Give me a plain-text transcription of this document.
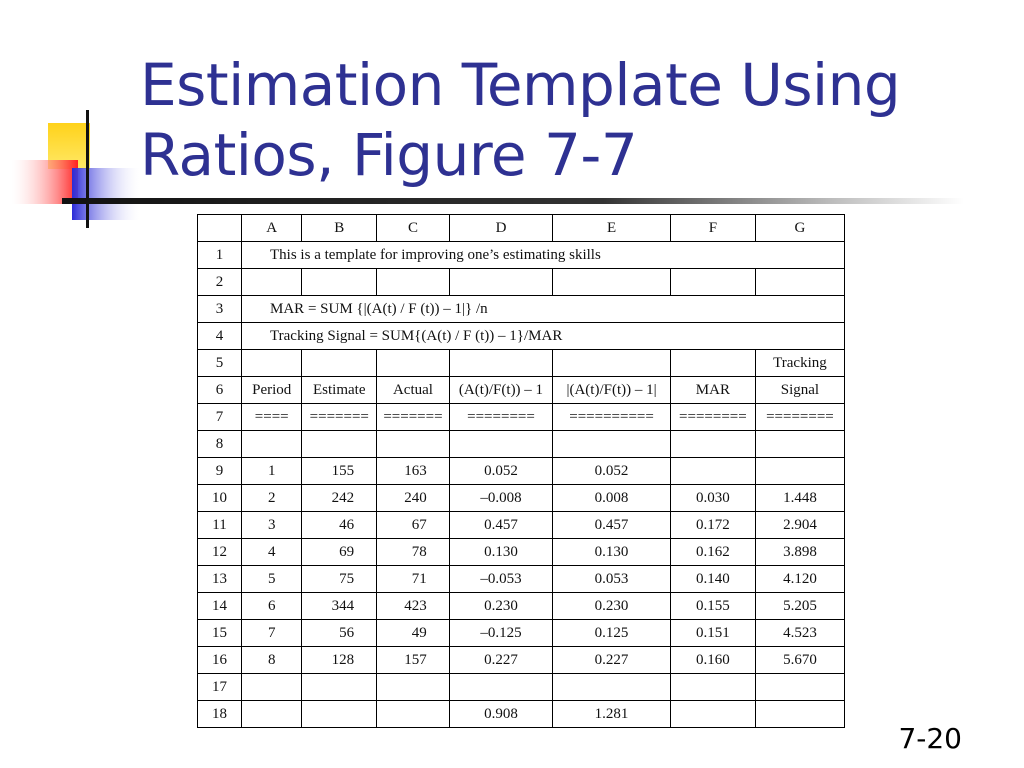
Estimation Template Using
Ratios, Figure 7-7
	A	B	C	D	E	F	G
1	This is a template for improving one’s estimating skills						
2							
3	MAR = SUM {|(A(t) / F (t)) – 1|} /n						
4	Tracking Signal = SUM{(A(t) / F (t)) – 1}/MAR						
5							Tracking
6	Period	Estimate	Actual	(A(t)/F(t)) – 1	|(A(t)/F(t)) – 1|	MAR	Signal
7	====	=======	=======	========	==========	========	========
8							
9	1	155	163	0.052	0.052		
10	2	242	240	–0.008	0.008	0.030	1.448
11	3	46	67	0.457	0.457	0.172	2.904
12	4	69	78	0.130	0.130	0.162	3.898
13	5	75	71	–0.053	0.053	0.140	4.120
14	6	344	423	0.230	0.230	0.155	5.205
15	7	56	49	–0.125	0.125	0.151	4.523
16	8	128	157	0.227	0.227	0.160	5.670
17							
18				0.908	1.281		
7-20
